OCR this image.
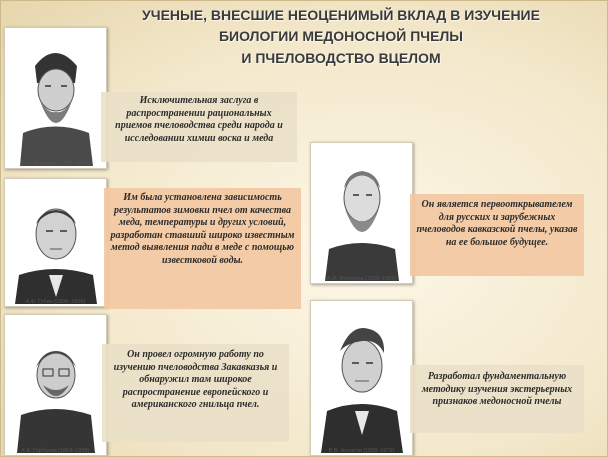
УЧЕНЫЕ, ВНЕСШИЕ НЕОЦЕНИМЫЙ ВКЛАД В ИЗУЧЕНИЕ
БИОЛОГИИ МЕДОНОСНОЙ ПЧЕЛЫ
И ПЧЕЛОВОДСТВО ВЦЕЛОМ
И.А. Каблуков (1857–1942)
А.Ф. Губин (1898–1956)
К.А. Горбачев (1864–1936)
А.М. Бутлеров (1828–1886)
В.В. Алпатов (1898–1979)
Исключительная заслуга в распространении рациональных приемов пчеловодства среди народа и исследовании химии воска и меда
Им была установлена зависимость результатов зимовки пчел от качества меда, температуры и других условий, разработан ставший широко известным метод выявления пади в меде с помощью известковой воды.
Он провел огромную работу по изучению пчеловодства Закавказья и обнаружил там широкое распространение европейского и американского гнильца пчел.
Он является первооткрывателем для русских и зарубежных пчеловодов кавказской пчелы, указав на ее большое будущее.
Разработал фундаментальную методику изучения экстерьерных признаков медоносной пчелы
